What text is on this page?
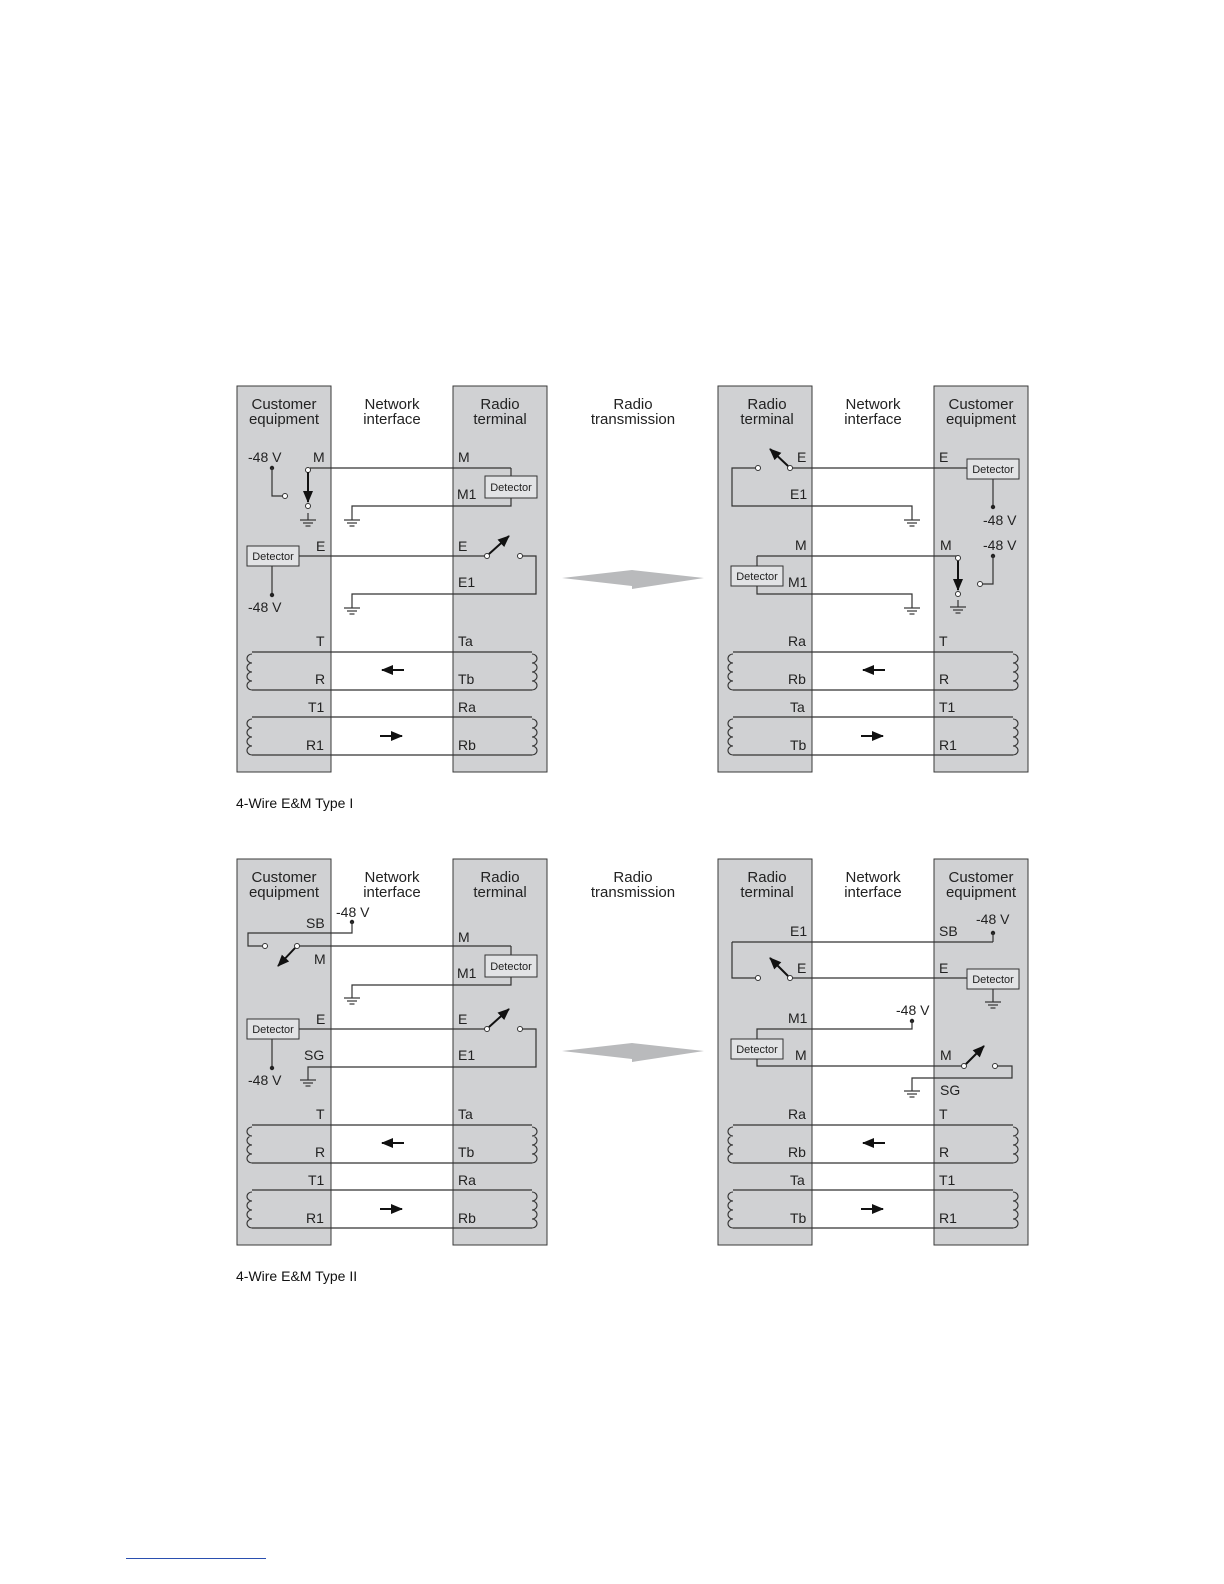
Customer equipment
Network interface
Radio terminal
Radio transmission
Radio terminal
Network interface
Customer equipment
-48 V M	M
Detector
M1
E
Detector
-48 V
E
E1
T	Ta
R	Tb
T1	Ra
R1	Rb
E
E1
E
Detector
-48 V
M
Detector M1
M -48 V
Ra	T
Rb	R
Ta	T1
Tb	R1
4-Wire E&M Type I
Customer equipment
Network interface
Radio terminal
Radio transmission
Radio terminal
Network interface
Customer equipment
SB
-48 V
M
M
Detector
M1
E
Detector
-48 V
SG
E
E1
T	Ta
R	Tb
T1	Ra
R1	Rb
E1	SB
-48 V
E	E
Detector
M1	-48 V
Detector M	M
SG
Ra	T
Rb	R
Ta	T1
Tb	R1
4-Wire E&M Type II
